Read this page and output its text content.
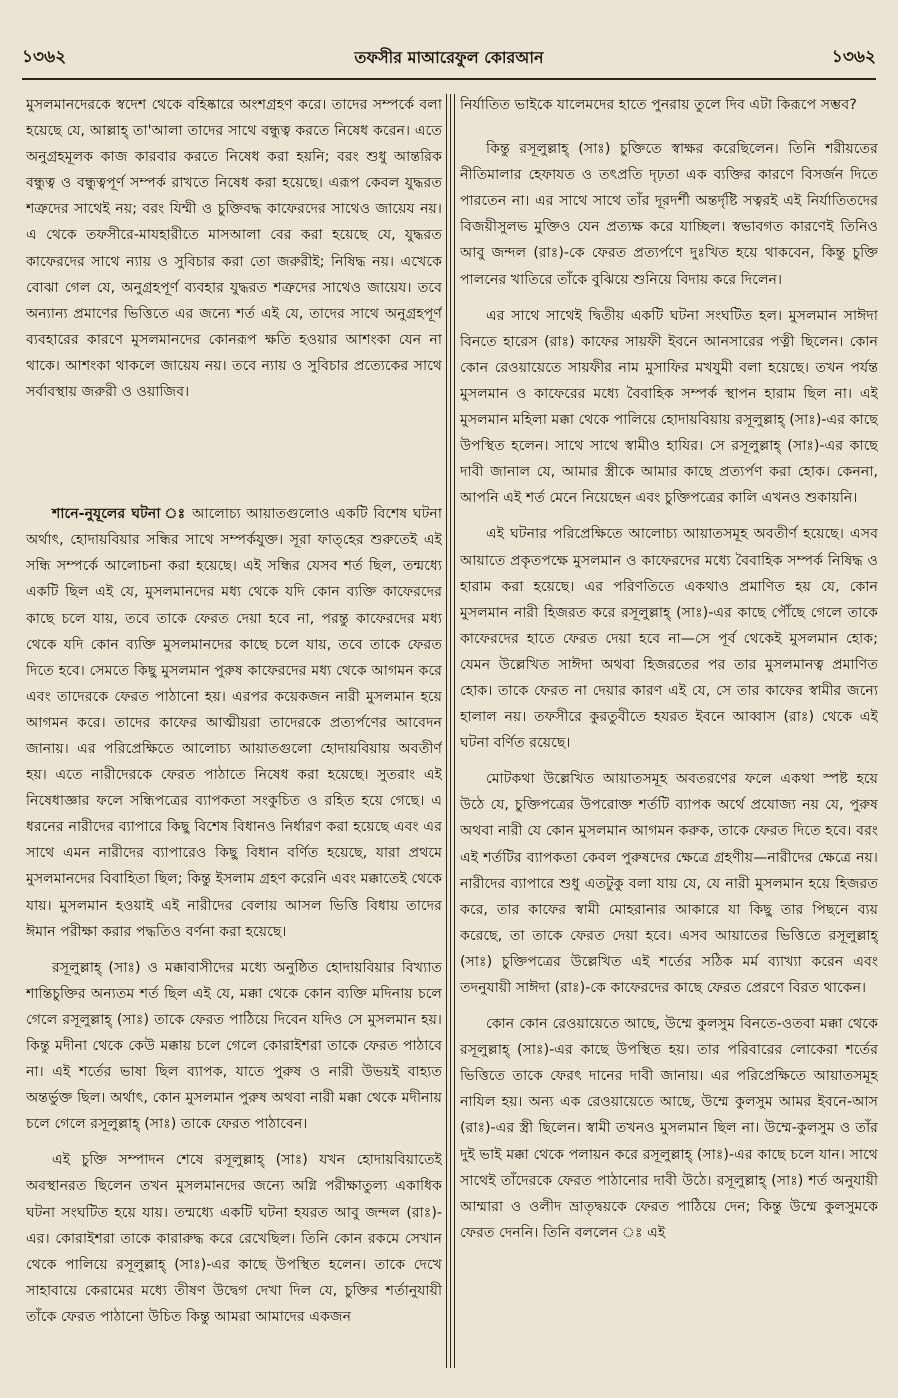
১৩৬২	তফসীর মাআরেফুল কোরআন	১৩৬২

মুসলমানদেরকে স্বদেশ থেকে বহিষ্কারে অংশগ্রহণ করে। তাদের সম্পর্কে বলা হয়েছে যে, আল্লাহ্ তা'আলা তাদের সাথে বন্ধুত্ব করতে নিষেধ করেন। এতে অনুগ্রহমূলক কাজ কারবার করতে নিষেধ করা হয়নি; বরং শুধু আন্তরিক বন্ধুত্ব ও বন্ধুত্বপূর্ণ সম্পর্ক রাখতে নিষেধ করা হয়েছে। এরূপ কেবল যুদ্ধরত শত্রুদের সাথেই নয়; বরং যিম্মী ও চুক্তিবদ্ধ কাফেরদের সাথেও জায়েয নয়। এ থেকে তফসীরে-মাযহারীতে মাসআলা বের করা হয়েছে যে, যুদ্ধরত কাফেরদের সাথে ন্যায় ও সুবিচার করা তো জরুরীই; নিষিদ্ধ নয়। এখেকে বোঝা গেল যে, অনুগ্রহপূর্ণ ব্যবহার যুদ্ধরত শত্রুদের সাথেও জায়েয। তবে অন্যান্য প্রমাণের ভিত্তিতে এর জন্যে শর্ত এই যে, তাদের সাথে অনুগ্রহপূর্ণ ব্যবহারের কারণে মুসলমানদের কোনরূপ ক্ষতি হওয়ার আশংকা যেন না থাকে। আশংকা থাকলে জায়েয নয়। তবে ন্যায় ও সুবিচার প্রত্যেকের সাথে সর্বাবস্থায় জরুরী ও ওয়াজিব।

শানে-নুযূলের ঘটনা ঃ আলোচ্য আয়াতগুলোও একটি বিশেষ ঘটনা অর্থাৎ, হোদায়বিয়ার সন্ধির সাথে সম্পর্কযুক্ত। সূরা ফাত্‌হের শুরুতেই এই সন্ধি সম্পর্কে আলোচনা করা হয়েছে। এই সন্ধির যেসব শর্ত ছিল, তন্মধ্যে একটি ছিল এই যে, মুসলমানদের মধ্য থেকে যদি কোন ব্যক্তি কাফেরদের কাছে চলে যায়, তবে তাকে ফেরত দেয়া হবে না, পরন্তু কাফেরদের মধ্য থেকে যদি কোন ব্যক্তি মুসলমানদের কাছে চলে যায়, তবে তাকে ফেরত দিতে হবে। সেমতে কিছু মুসলমান পুরুষ কাফেরদের মধ্য থেকে আগমন করে এবং তাদেরকে ফেরত পাঠানো হয়। এরপর কয়েকজন নারী মুসলমান হয়ে আগমন করে। তাদের কাফের আত্মীয়রা তাদেরকে প্রত্যর্পণের আবেদন জানায়। এর পরিপ্রেক্ষিতে আলোচ্য আয়াতগুলো হোদায়বিয়ায় অবতীর্ণ হয়। এতে নারীদেরকে ফেরত পাঠাতে নিষেধ করা হয়েছে। সুতরাং এই নিষেধাজ্ঞার ফলে সন্ধিপত্রের ব্যাপকতা সংকুচিত ও রহিত হয়ে গেছে। এ ধরনের নারীদের ব্যাপারে কিছু বিশেষ বিধানও নির্ধারণ করা হয়েছে এবং এর সাথে এমন নারীদের ব্যাপারেও কিছু বিধান বর্ণিত হয়েছে, যারা প্রথমে মুসলমানদের বিবাহিতা ছিল; কিন্তু ইসলাম গ্রহণ করেনি এবং মক্কাতেই থেকে যায়। মুসলমান হওয়াই এই নারীদের বেলায় আসল ভিত্তি বিধায় তাদের ঈমান পরীক্ষা করার পদ্ধতিও বর্ণনা করা হয়েছে।

রসূলুল্লাহ্ (সাঃ) ও মক্কাবাসীদের মধ্যে অনুষ্ঠিত হোদায়বিয়ার বিখ্যাত শান্তিচুক্তির অন্যতম শর্ত ছিল এই যে, মক্কা থেকে কোন ব্যক্তি মদিনায় চলে গেলে রসূলুল্লাহ্ (সাঃ) তাকে ফেরত পাঠিয়ে দিবেন যদিও সে মুসলমান হয়। কিন্তু মদীনা থেকে কেউ মক্কায় চলে গেলে কোরাইশরা তাকে ফেরত পাঠাবে না। এই শর্তের ভাষা ছিল ব্যাপক, যাতে পুরুষ ও নারী উভয়ই বাহ্যত অন্তর্ভুক্ত ছিল। অর্থাৎ, কোন মুসলমান পুরুষ অথবা নারী মক্কা থেকে মদীনায় চলে গেলে রসূলুল্লাহ্ (সাঃ) তাকে ফেরত পাঠাবেন।

এই চুক্তি সম্পাদন শেষে রসূলুল্লাহ্ (সাঃ) যখন হোদায়বিয়াতেই অবস্থানরত ছিলেন তখন মুসলমানদের জন্যে অগ্নি পরীক্ষাতুল্য একাধিক ঘটনা সংঘটিত হয়ে যায়। তন্মধ্যে একটি ঘটনা হযরত আবু জন্দল (রাঃ)-এর। কোরাইশরা তাকে কারারুদ্ধ করে রেখেছিল। তিনি কোন রকমে সেখান থেকে পালিয়ে রসূলুল্লাহ্ (সাঃ)-এর কাছে উপস্থিত হলেন। তাকে দেখে সাহাবায়ে কেরামের মধ্যে তীষণ উদ্বেগ দেখা দিল যে, চুক্তির শর্তানুযায়ী তাঁকে ফেরত পাঠানো উচিত কিন্তু আমরা আমাদের একজন

নির্যাতিত ভাইকে যালেমদের হাতে পুনরায় তুলে দিব এটা কিরূপে সম্ভব?

কিন্তু রসূলুল্লাহ্ (সাঃ) চুক্তিতে স্বাক্ষর করেছিলেন। তিনি শরীয়তের নীতিমালার হেফাযত ও তৎপ্রতি দৃঢ়তা এক ব্যক্তির কারণে বিসর্জন দিতে পারতেন না। এর সাথে সাথে তাঁর দূরদর্শী অন্তর্দৃষ্টি সত্বরই এই নির্যাতিতদের বিজয়ীসুলভ মুক্তিও যেন প্রত্যক্ষ করে যাচ্ছিল। স্বভাবগত কারণেই তিনিও আবু জন্দল (রাঃ)-কে ফেরত প্রত্যর্পণে দুঃখিত হয়ে থাকবেন, কিন্তু চুক্তি পালনের খাতিরে তাঁকে বুঝিয়ে শুনিয়ে বিদায় করে দিলেন।

এর সাথে সাথেই দ্বিতীয় একটি ঘটনা সংঘটিত হল। মুসলমান সাঈদা বিনতে হারেস (রাঃ) কাফের সায়ফী ইবনে আনসারের পত্নী ছিলেন। কোন কোন রেওয়ায়েতে সায়ফীর নাম মুসাফির মখযুমী বলা হয়েছে। তখন পর্যন্ত মুসলমান ও কাফেরের মধ্যে বৈবাহিক সম্পর্ক স্থাপন হারাম ছিল না। এই মুসলমান মহিলা মক্কা থেকে পালিয়ে হোদায়বিয়ায় রসূলুল্লাহ্ (সাঃ)-এর কাছে উপস্থিত হলেন। সাথে সাথে স্বামীও হাযির। সে রসূলুল্লাহ্ (সাঃ)-এর কাছে দাবী জানাল যে, আমার স্ত্রীকে আমার কাছে প্রত্যর্পণ করা হোক। কেননা, আপনি এই শর্ত মেনে নিয়েছেন এবং চুক্তিপত্রের কালি এখনও শুকায়নি।

এই ঘটনার পরিপ্রেক্ষিতে আলোচ্য আয়াতসমূহ অবতীর্ণ হয়েছে। এসব আয়াতে প্রকৃতপক্ষে মুসলমান ও কাফেরদের মধ্যে বৈবাহিক সম্পর্ক নিষিদ্ধ ও হারাম করা হয়েছে। এর পরিণতিতে একথাও প্রমাণিত হয় যে, কোন মুসলমান নারী হিজরত করে রসূলুল্লাহ্ (সাঃ)-এর কাছে পৌঁছে গেলে তাকে কাফেরদের হাতে ফেরত দেয়া হবে না—সে পূর্ব থেকেই মুসলমান হোক; যেমন উল্লেখিত সাঈদা অথবা হিজরতের পর তার মুসলমানত্ব প্রমাণিত হোক। তাকে ফেরত না দেয়ার কারণ এই যে, সে তার কাফের স্বামীর জন্যে হালাল নয়। তফসীরে কুরতুবীতে হযরত ইবনে আব্বাস (রাঃ) থেকে এই ঘটনা বর্ণিত রয়েছে।

মোটকথা উল্লেখিত আয়াতসমূহ অবতরণের ফলে একথা স্পষ্ট হয়ে উঠে যে, চুক্তিপত্রের উপরোক্ত শর্তটি ব্যাপক অর্থে প্রযোজ্য নয় যে, পুরুষ অথবা নারী যে কোন মুসলমান আগমন করুক, তাকে ফেরত দিতে হবে। বরং এই শর্তটির ব্যাপকতা কেবল পুরুষদের ক্ষেত্রে গ্রহণীয়—নারীদের ক্ষেত্রে নয়। নারীদের ব্যাপারে শুধু এতটুকু বলা যায় যে, যে নারী মুসলমান হয়ে হিজরত করে, তার কাফের স্বামী মোহরানার আকারে যা কিছু তার পিছনে ব্যয় করেছে, তা তাকে ফেরত দেয়া হবে। এসব আয়াতের ভিত্তিতে রসূলুল্লাহ্ (সাঃ) চুক্তিপত্রের উল্লেখিত এই শর্তের সঠিক মর্ম ব্যাখ্যা করেন এবং তদনুযায়ী সাঈদা (রাঃ)-কে কাফেরদের কাছে ফেরত প্রেরণে বিরত থাকেন।

কোন কোন রেওয়ায়েতে আছে, উম্মে কুলসুম বিনতে-ওতবা মক্কা থেকে রসূলুল্লাহ্ (সাঃ)-এর কাছে উপস্থিত হয়। তার পরিবারের লোকেরা শর্তের ভিত্তিতে তাকে ফেরৎ দানের দাবী জানায়। এর পরিপ্রেক্ষিতে আয়াতসমূহ নাযিল হয়। অন্য এক রেওয়ায়েতে আছে, উম্মে কুলসুম আমর ইবনে-আস (রাঃ)-এর স্ত্রী ছিলেন। স্বামী তখনও মুসলমান ছিল না। উম্মে-কুলসুম ও তাঁর দুই ভাই মক্কা থেকে পলায়ন করে রসূলুল্লাহ্ (সাঃ)-এর কাছে চলে যান। সাথে সাথেই তাঁদেরকে ফেরত পাঠানোর দাবী উঠে। রসূলুল্লাহ্ (সাঃ) শর্ত অনুযায়ী আম্মারা ও ওলীদ ভ্রাতৃদ্বয়কে ফেরত পাঠিয়ে দেন; কিন্তু উম্মে কুলসুমকে ফেরত দেননি। তিনি বললেন ঃ এই
